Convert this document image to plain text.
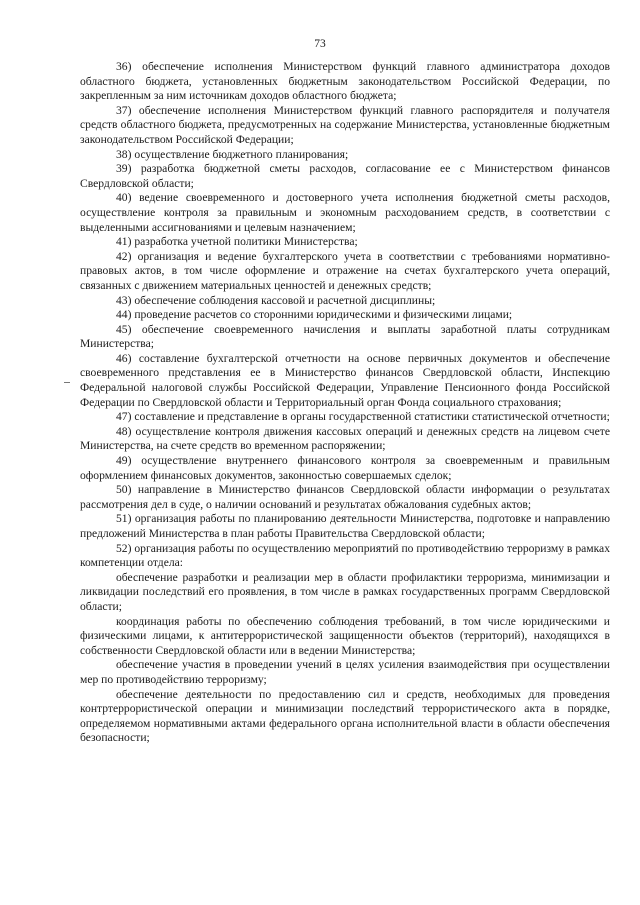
73

36) обеспечение исполнения Министерством функций главного администратора доходов областного бюджета, установленных бюджетным законодательством Российской Федерации, по закрепленным за ним источникам доходов областного бюджета;

37) обеспечение исполнения Министерством функций главного распорядителя и получателя средств областного бюджета, предусмотренных на содержание Министерства, установленные бюджетным законодательством Российской Федерации;

38) осуществление бюджетного планирования;

39) разработка бюджетной сметы расходов, согласование ее с Министерством финансов Свердловской области;

40) ведение своевременного и достоверного учета исполнения бюджетной сметы расходов, осуществление контроля за правильным и экономным расходованием средств, в соответствии с выделенными ассигнованиями и целевым назначением;

41) разработка учетной политики Министерства;

42) организация и ведение бухгалтерского учета в соответствии с требованиями нормативно-правовых актов, в том числе оформление и отражение на счетах бухгалтерского учета операций, связанных с движением материальных ценностей и денежных средств;

43) обеспечение соблюдения кассовой и расчетной дисциплины;

44) проведение расчетов со сторонними юридическими и физическими лицами;

45) обеспечение своевременного начисления и выплаты заработной платы сотрудникам Министерства;

46) составление бухгалтерской отчетности на основе первичных документов и обеспечение своевременного представления ее в Министерство финансов Свердловской области, Инспекцию Федеральной налоговой службы Российской Федерации, Управление Пенсионного фонда Российской Федерации по Свердловской области и Территориальный орган Фонда социального страхования;

47) составление и представление в органы государственной статистики статистической отчетности;

48) осуществление контроля движения кассовых операций и денежных средств на лицевом счете Министерства, на счете средств во временном распоряжении;

49) осуществление внутреннего финансового контроля за своевременным и правильным оформлением финансовых документов, законностью совершаемых сделок;

50) направление в Министерство финансов Свердловской области информации о результатах рассмотрения дел в суде, о наличии оснований и результатах обжалования судебных актов;

51) организация работы по планированию деятельности Министерства, подготовке и направлению предложений Министерства в план работы Правительства Свердловской области;

52) организация работы по осуществлению мероприятий по противодействию терроризму в рамках компетенции отдела:

обеспечение разработки и реализации мер в области профилактики терроризма, минимизации и ликвидации последствий его проявления, в том числе в рамках государственных программ Свердловской области;

координация работы по обеспечению соблюдения требований, в том числе юридическими и физическими лицами, к антитеррористической защищенности объектов (территорий), находящихся в собственности Свердловской области или в ведении Министерства;

обеспечение участия в проведении учений в целях усиления взаимодействия при осуществлении мер по противодействию терроризму;

обеспечение деятельности по предоставлению сил и средств, необходимых для проведения контртеррористической операции и минимизации последствий террористического акта в порядке, определяемом нормативными актами федерального органа исполнительной власти в области обеспечения безопасности;
